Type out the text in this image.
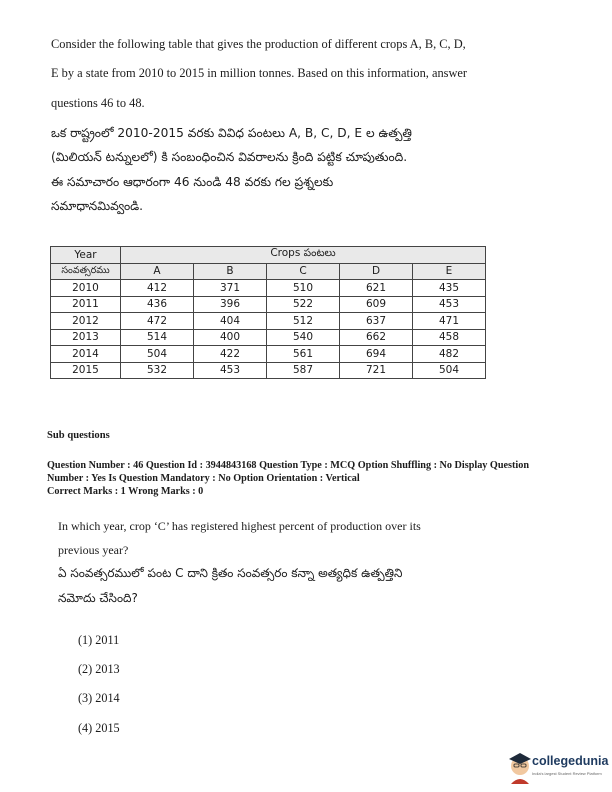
Consider the following table that gives the production of different crops A, B, C, D,

E by a state from 2010 to 2015 in million tonnes. Based on this information, answer

questions 46 to 48.

ఒక రాష్ట్రంలో 2010-2015 వరకు వివిధ పంటలు A, B, C, D, E ల ఉత్పత్తి

(మిలియన్ టన్నులలో) కి సంబంధించిన వివరాలను క్రింది పట్టిక చూపుతుంది.

ఈ సమాచారం ఆధారంగా 46 నుండి 48 వరకు గల ప్రశ్నలకు

సమాధానమివ్వండి.

Year	Crops పంటలు				
సంవత్సరము	A	B	C	D	E
2010	412	371	510	621	435
2011	436	396	522	609	453
2012	472	404	512	637	471
2013	514	400	540	662	458
2014	504	422	561	694	482
2015	532	453	587	721	504

Sub questions

Question Number : 46 Question Id : 3944843168 Question Type : MCQ Option Shuffling : No Display Question
Number : Yes Is Question Mandatory : No Option Orientation : Vertical
Correct Marks : 1 Wrong Marks : 0
In which year, crop ‘C’ has registered highest percent of production over its
previous year?
ఏ సంవత్సరములో పంట C దాని క్రితం సంవత్సరం కన్నా అత్యధిక ఉత్పత్తిని
నమోదు చేసింది?

(1) 2011

(2) 2013

(3) 2014

(4) 2015

collegedunia
India's largest Student Review Platform
